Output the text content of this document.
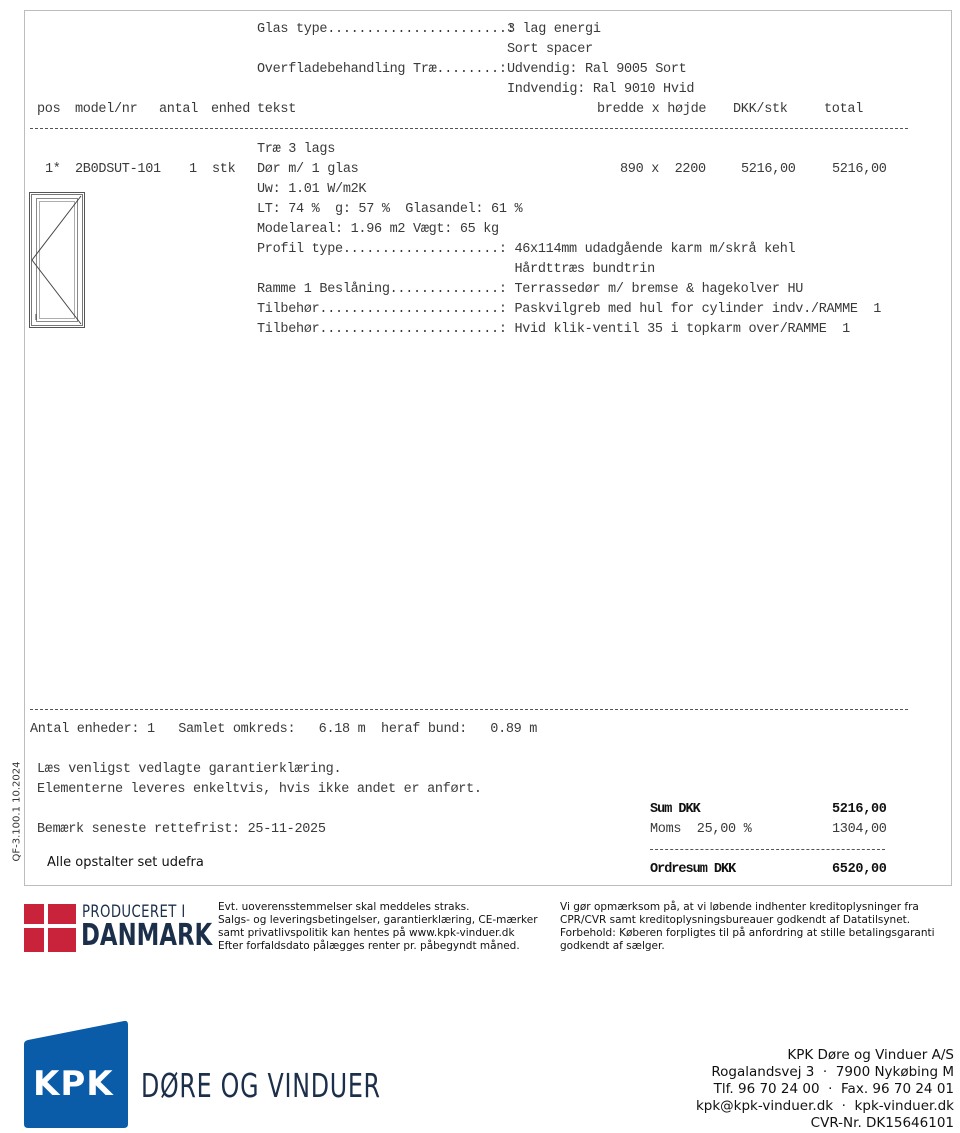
Glas type.......................:
3 lag energi
Sort spacer
Overfladebehandling Træ........: Udvendig: Ral 9005 Sort
Indvendig: Ral 9010 Hvid
pos model/nr antal enhed tekst	bredde x højde DKK/stk	total
1* 2B0DSUT-101 1 stk	890 x  2200	5216,00	5216,00
Træ 3 lags
Dør m/ 1 glas
Uw: 1.01 W/m2K
LT: 74 %  g: 57 %  Glasandel: 61 %
Modelareal: 1.96 m2 Vægt: 65 kg
Profil type....................: 46x114mm udadgående karm m/skrå kehl
Hårdttræs bundtrin
Ramme 1 Beslåning..............: Terrassedør m/ bremse & hagekolver HU
Tilbehør.......................: Paskvilgreb med hul for cylinder indv./RAMME  1
Tilbehør.......................: Hvid klik-ventil 35 i topkarm over/RAMME  1
Antal enheder: 1   Samlet omkreds:   6.18 m  heraf bund:   0.89 m
Læs venligst vedlagte garantierklæring.
Elementerne leveres enkeltvis, hvis ikke andet er anført.
Bemærk seneste rettefrist: 25-11-2025
Alle opstalter set udefra
QF-3.100.1 10.2024	Sum DKK	5216,00
Moms  25,00 %	1304,00
Ordresum DKK	6520,00
PRODUCERET I
DANMARK
Evt. uoverensstemmelser skal meddeles straks.
Salgs- og leveringsbetingelser, garantierklæring, CE-mærker
samt privatlivspolitik kan hentes på www.kpk-vinduer.dk
Efter forfaldsdato pålægges renter pr. påbegyndt måned.
Vi gør opmærksom på, at vi løbende indhenter kreditoplysninger fra
CPR/CVR samt kreditoplysningsbureauer godkendt af Datatilsynet.
Forbehold: Køberen forpligtes til på anfordring at stille betalingsgaranti
godkendt af sælger.
KPK DØRE OG VINDUER
KPK Døre og Vinduer A/S
Rogalandsvej 3  ·  7900 Nykøbing M
Tlf. 96 70 24 00  ·  Fax. 96 70 24 01
kpk@kpk-vinduer.dk  ·  kpk-vinduer.dk
CVR-Nr. DK15646101
